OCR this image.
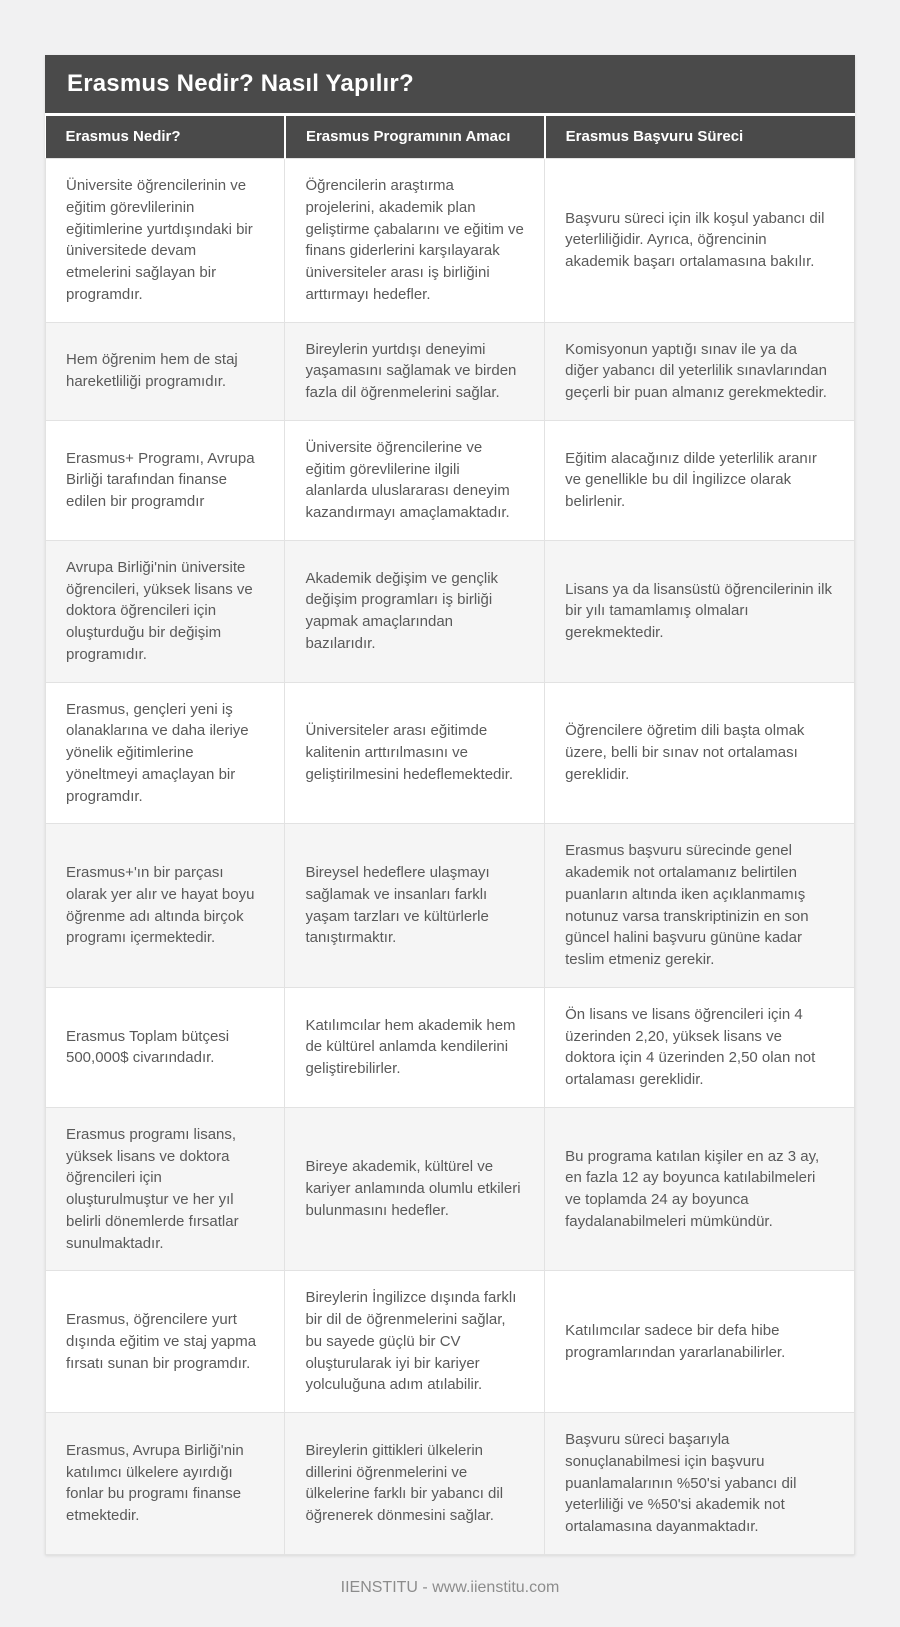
Erasmus Nedir? Nasıl Yapılır?
Erasmus Nedir?	Erasmus Programının Amacı	Erasmus Başvuru Süreci
Üniversite öğrencilerinin ve eğitim görevlilerinin eğitimlerine yurtdışındaki bir üniversitede devam etmelerini sağlayan bir programdır.	Öğrencilerin araştırma projelerini, akademik plan geliştirme çabalarını ve eğitim ve finans giderlerini karşılayarak üniversiteler arası iş birliğini arttırmayı hedefler.	Başvuru süreci için ilk koşul yabancı dil yeterliliğidir. Ayrıca, öğrencinin akademik başarı ortalamasına bakılır.
Hem öğrenim hem de staj hareketliliği programıdır.	Bireylerin yurtdışı deneyimi yaşamasını sağlamak ve birden fazla dil öğrenmelerini sağlar.	Komisyonun yaptığı sınav ile ya da diğer yabancı dil yeterlilik sınavlarından geçerli bir puan almanız gerekmektedir.
Erasmus+ Programı, Avrupa Birliği tarafından finanse edilen bir programdır	Üniversite öğrencilerine ve eğitim görevlilerine ilgili alanlarda uluslararası deneyim kazandırmayı amaçlamaktadır.	Eğitim alacağınız dilde yeterlilik aranır ve genellikle bu dil İngilizce olarak belirlenir.
Avrupa Birliği'nin üniversite öğrencileri, yüksek lisans ve doktora öğrencileri için oluşturduğu bir değişim programıdır.	Akademik değişim ve gençlik değişim programları iş birliği yapmak amaçlarından bazılarıdır.	Lisans ya da lisansüstü öğrencilerinin ilk bir yılı tamamlamış olmaları gerekmektedir.
Erasmus, gençleri yeni iş olanaklarına ve daha ileriye yönelik eğitimlerine yöneltmeyi amaçlayan bir programdır.	Üniversiteler arası eğitimde kalitenin arttırılmasını ve geliştirilmesini hedeflemektedir.	Öğrencilere öğretim dili başta olmak üzere, belli bir sınav not ortalaması gereklidir.
Erasmus+'ın bir parçası olarak yer alır ve hayat boyu öğrenme adı altında birçok programı içermektedir.	Bireysel hedeflere ulaşmayı sağlamak ve insanları farklı yaşam tarzları ve kültürlerle tanıştırmaktır.	Erasmus başvuru sürecinde genel akademik not ortalamanız belirtilen puanların altında iken açıklanmamış notunuz varsa transkriptinizin en son güncel halini başvuru gününe kadar teslim etmeniz gerekir.
Erasmus Toplam bütçesi 500,000$ civarındadır.	Katılımcılar hem akademik hem de kültürel anlamda kendilerini geliştirebilirler.	Ön lisans ve lisans öğrencileri için 4 üzerinden 2,20, yüksek lisans ve doktora için 4 üzerinden 2,50 olan not ortalaması gereklidir.
Erasmus programı lisans, yüksek lisans ve doktora öğrencileri için oluşturulmuştur ve her yıl belirli dönemlerde fırsatlar sunulmaktadır.	Bireye akademik, kültürel ve kariyer anlamında olumlu etkileri bulunmasını hedefler.	Bu programa katılan kişiler en az 3 ay, en fazla 12 ay boyunca katılabilmeleri ve toplamda 24 ay boyunca faydalanabilmeleri mümkündür.
Erasmus, öğrencilere yurt dışında eğitim ve staj yapma fırsatı sunan bir programdır.	Bireylerin İngilizce dışında farklı bir dil de öğrenmelerini sağlar, bu sayede güçlü bir CV oluşturularak iyi bir kariyer yolculuğuna adım atılabilir.	Katılımcılar sadece bir defa hibe programlarından yararlanabilirler.
Erasmus, Avrupa Birliği'nin katılımcı ülkelere ayırdığı fonlar bu programı finanse etmektedir.	Bireylerin gittikleri ülkelerin dillerini öğrenmelerini ve ülkelerine farklı bir yabancı dil öğrenerek dönmesini sağlar.	Başvuru süreci başarıyla sonuçlanabilmesi için başvuru puanlamalarının %50'si yabancı dil yeterliliği ve %50'si akademik not ortalamasına dayanmaktadır.
IIENSTITU - www.iienstitu.com
